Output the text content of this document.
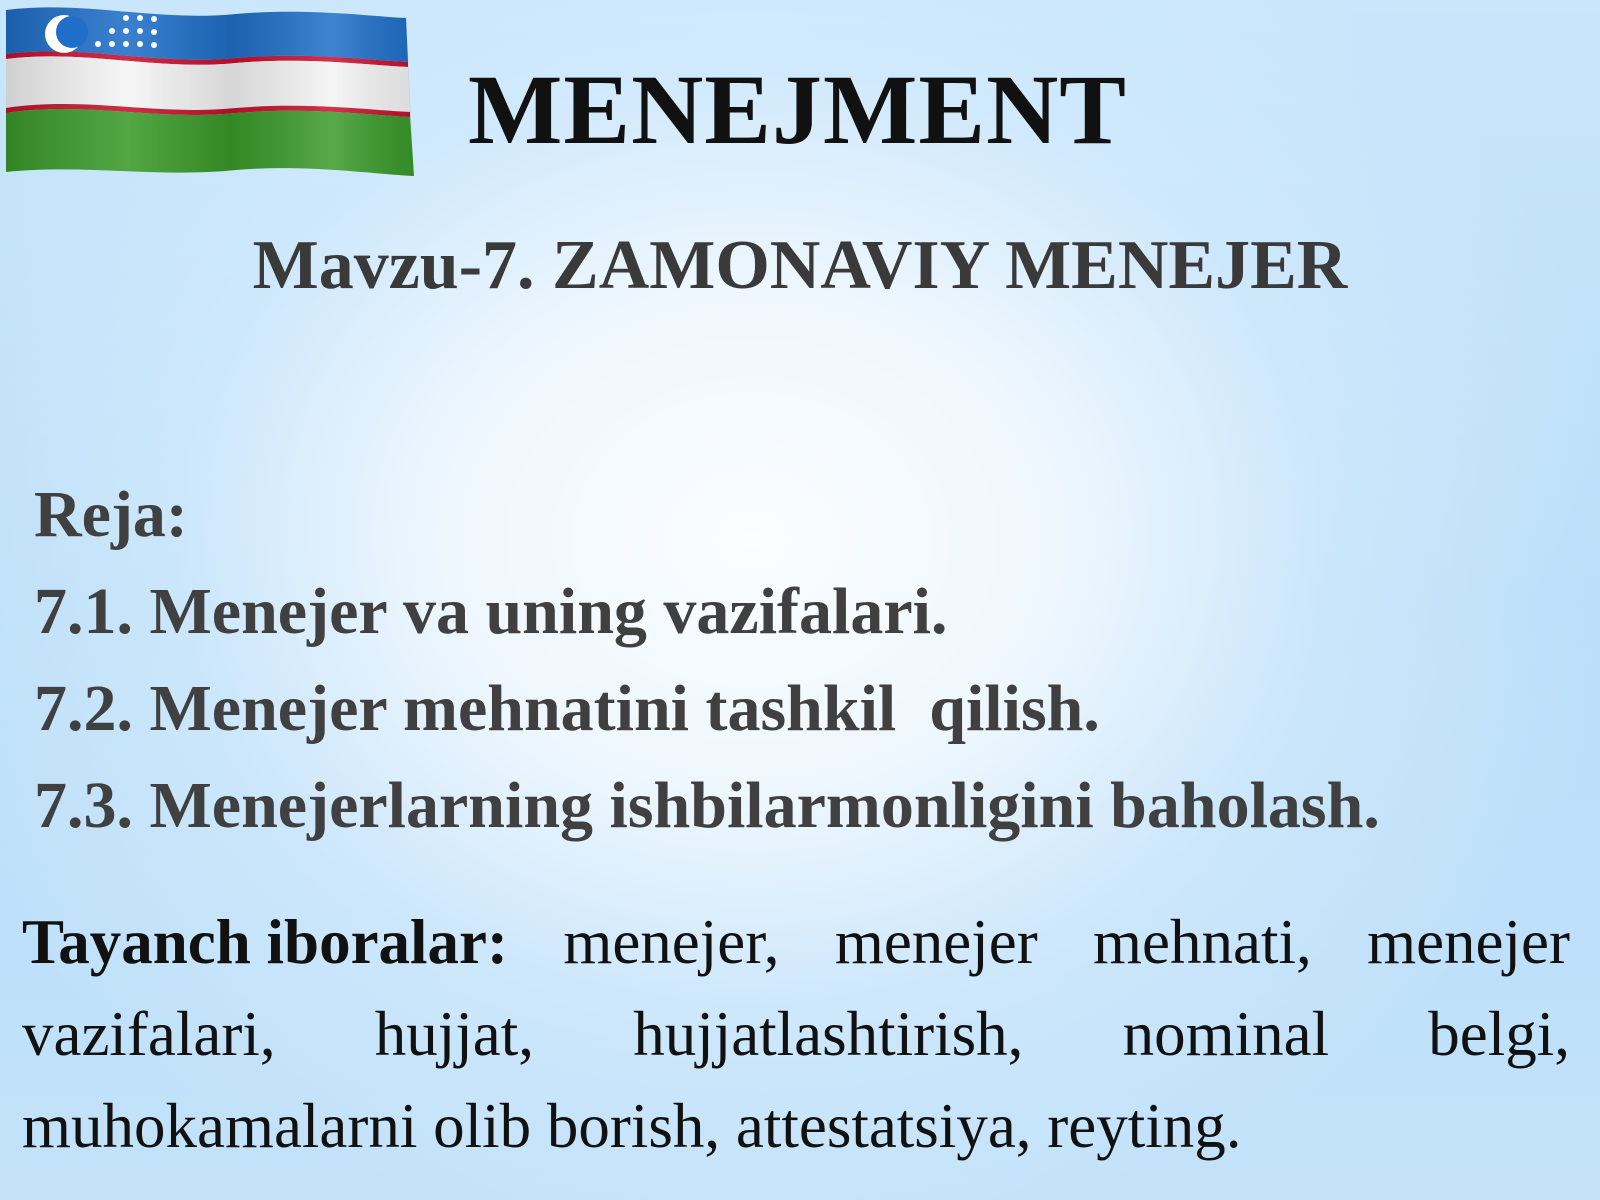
MENEJMENT
Mavzu-7. ZAMONAVIY MENEJER
Reja:
7.1. Menejer va uning vazifalari.
7.2. Menejer mehnatini tashkil  qilish.
7.3. Menejerlarning ishbilarmonligini baholash.
Tayanch iboralar: menejer, menejer mehnati, menejer
vazifalari, hujjat, hujjatlashtirish, nominal belgi,
muhokamalarni olib borish, attestatsiya, reyting.
